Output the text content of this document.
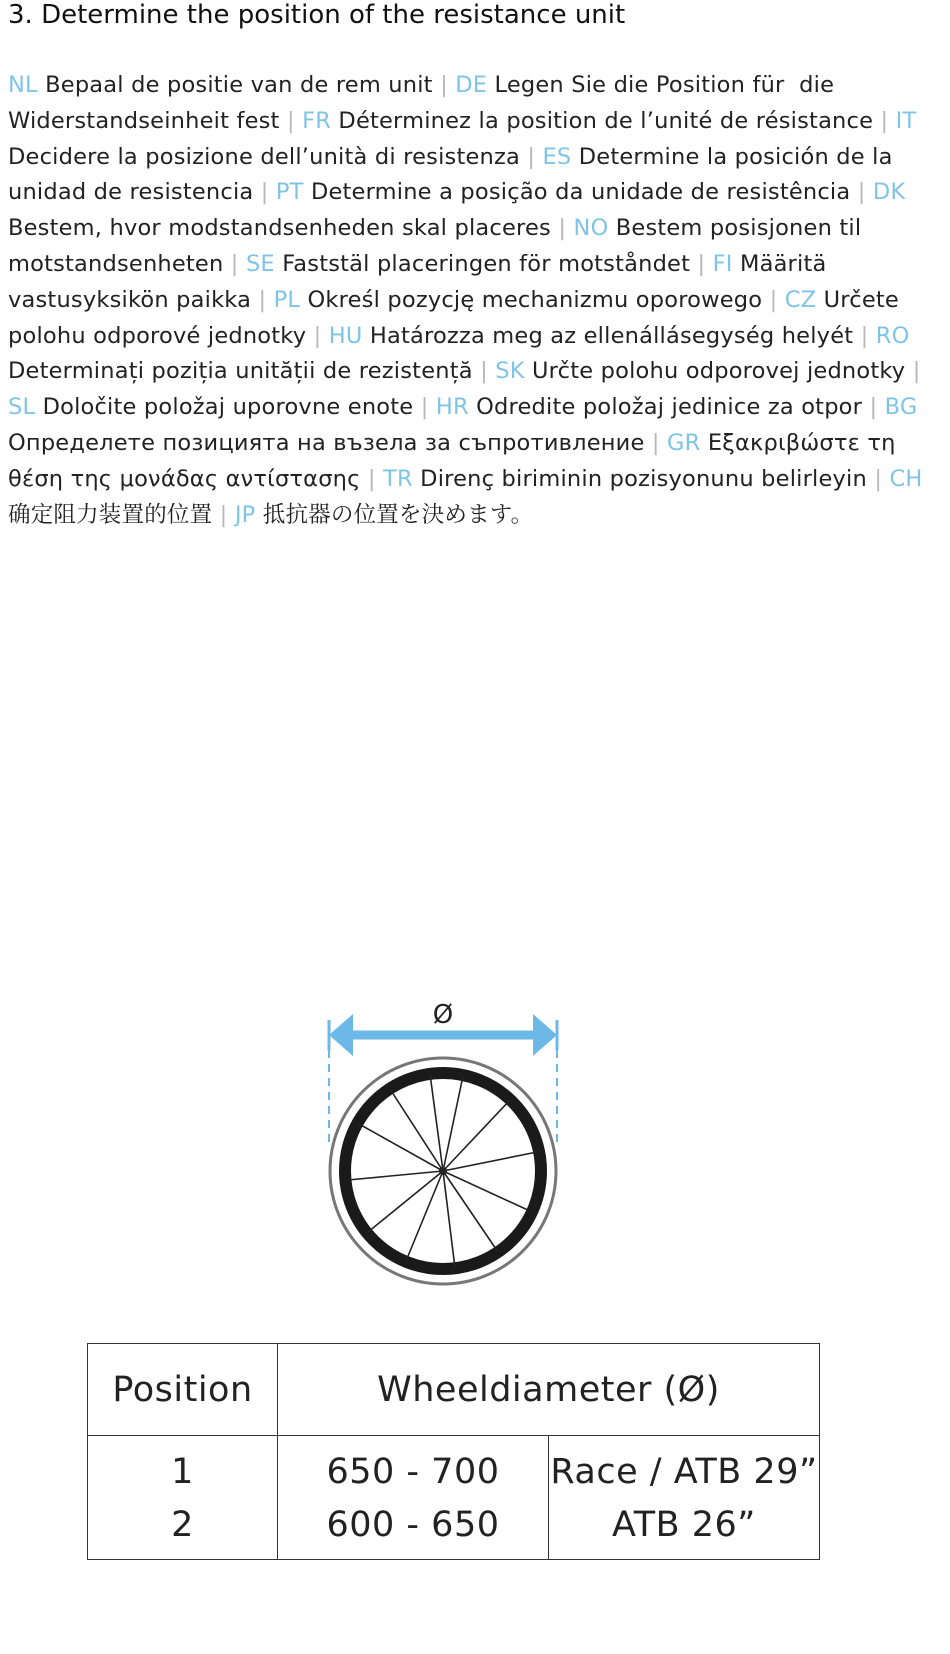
3. Determine the position of the resistance unit

NL Bepaal de positie van de rem unit | DE Legen Sie die Position für  die Widerstandseinheit fest | FR Déterminez la position de l’unité de résistance | IT Decidere la posizione dell’unità di resistenza | ES Determine la posición de la unidad de resistencia | PT Determine a posição da unidade de resistência | DK Bestem, hvor modstandsenheden skal placeres | NO Bestem posisjonen til motstandsenheten | SE Faststäl placeringen för motståndet | FI Määritä vastusyksikön paikka | PL Określ pozycję mechanizmu oporowego | CZ Určete polohu odporové jednotky | HU Határozza meg az ellenállásegység helyét | RO Determinați poziția unității de rezistență | SK Určte polohu odporovej jednotky | SL Določite položaj uporovne enote | HR Odredite položaj jedinice za otpor | BG Определете позицията на възела за съпротивление | GR Εξακριβώστε τη θέση της μονάδας αντίστασης | TR Direnç biriminin pozisyonunu belirleyin | CH
确定阻力装置的位置 | JP 抵抗器の位置を決めます。

Ø
Position	Wheeldiameter (Ø)	
1	650 - 700	Race / ATB 29”
2	600 - 650	ATB 26”
